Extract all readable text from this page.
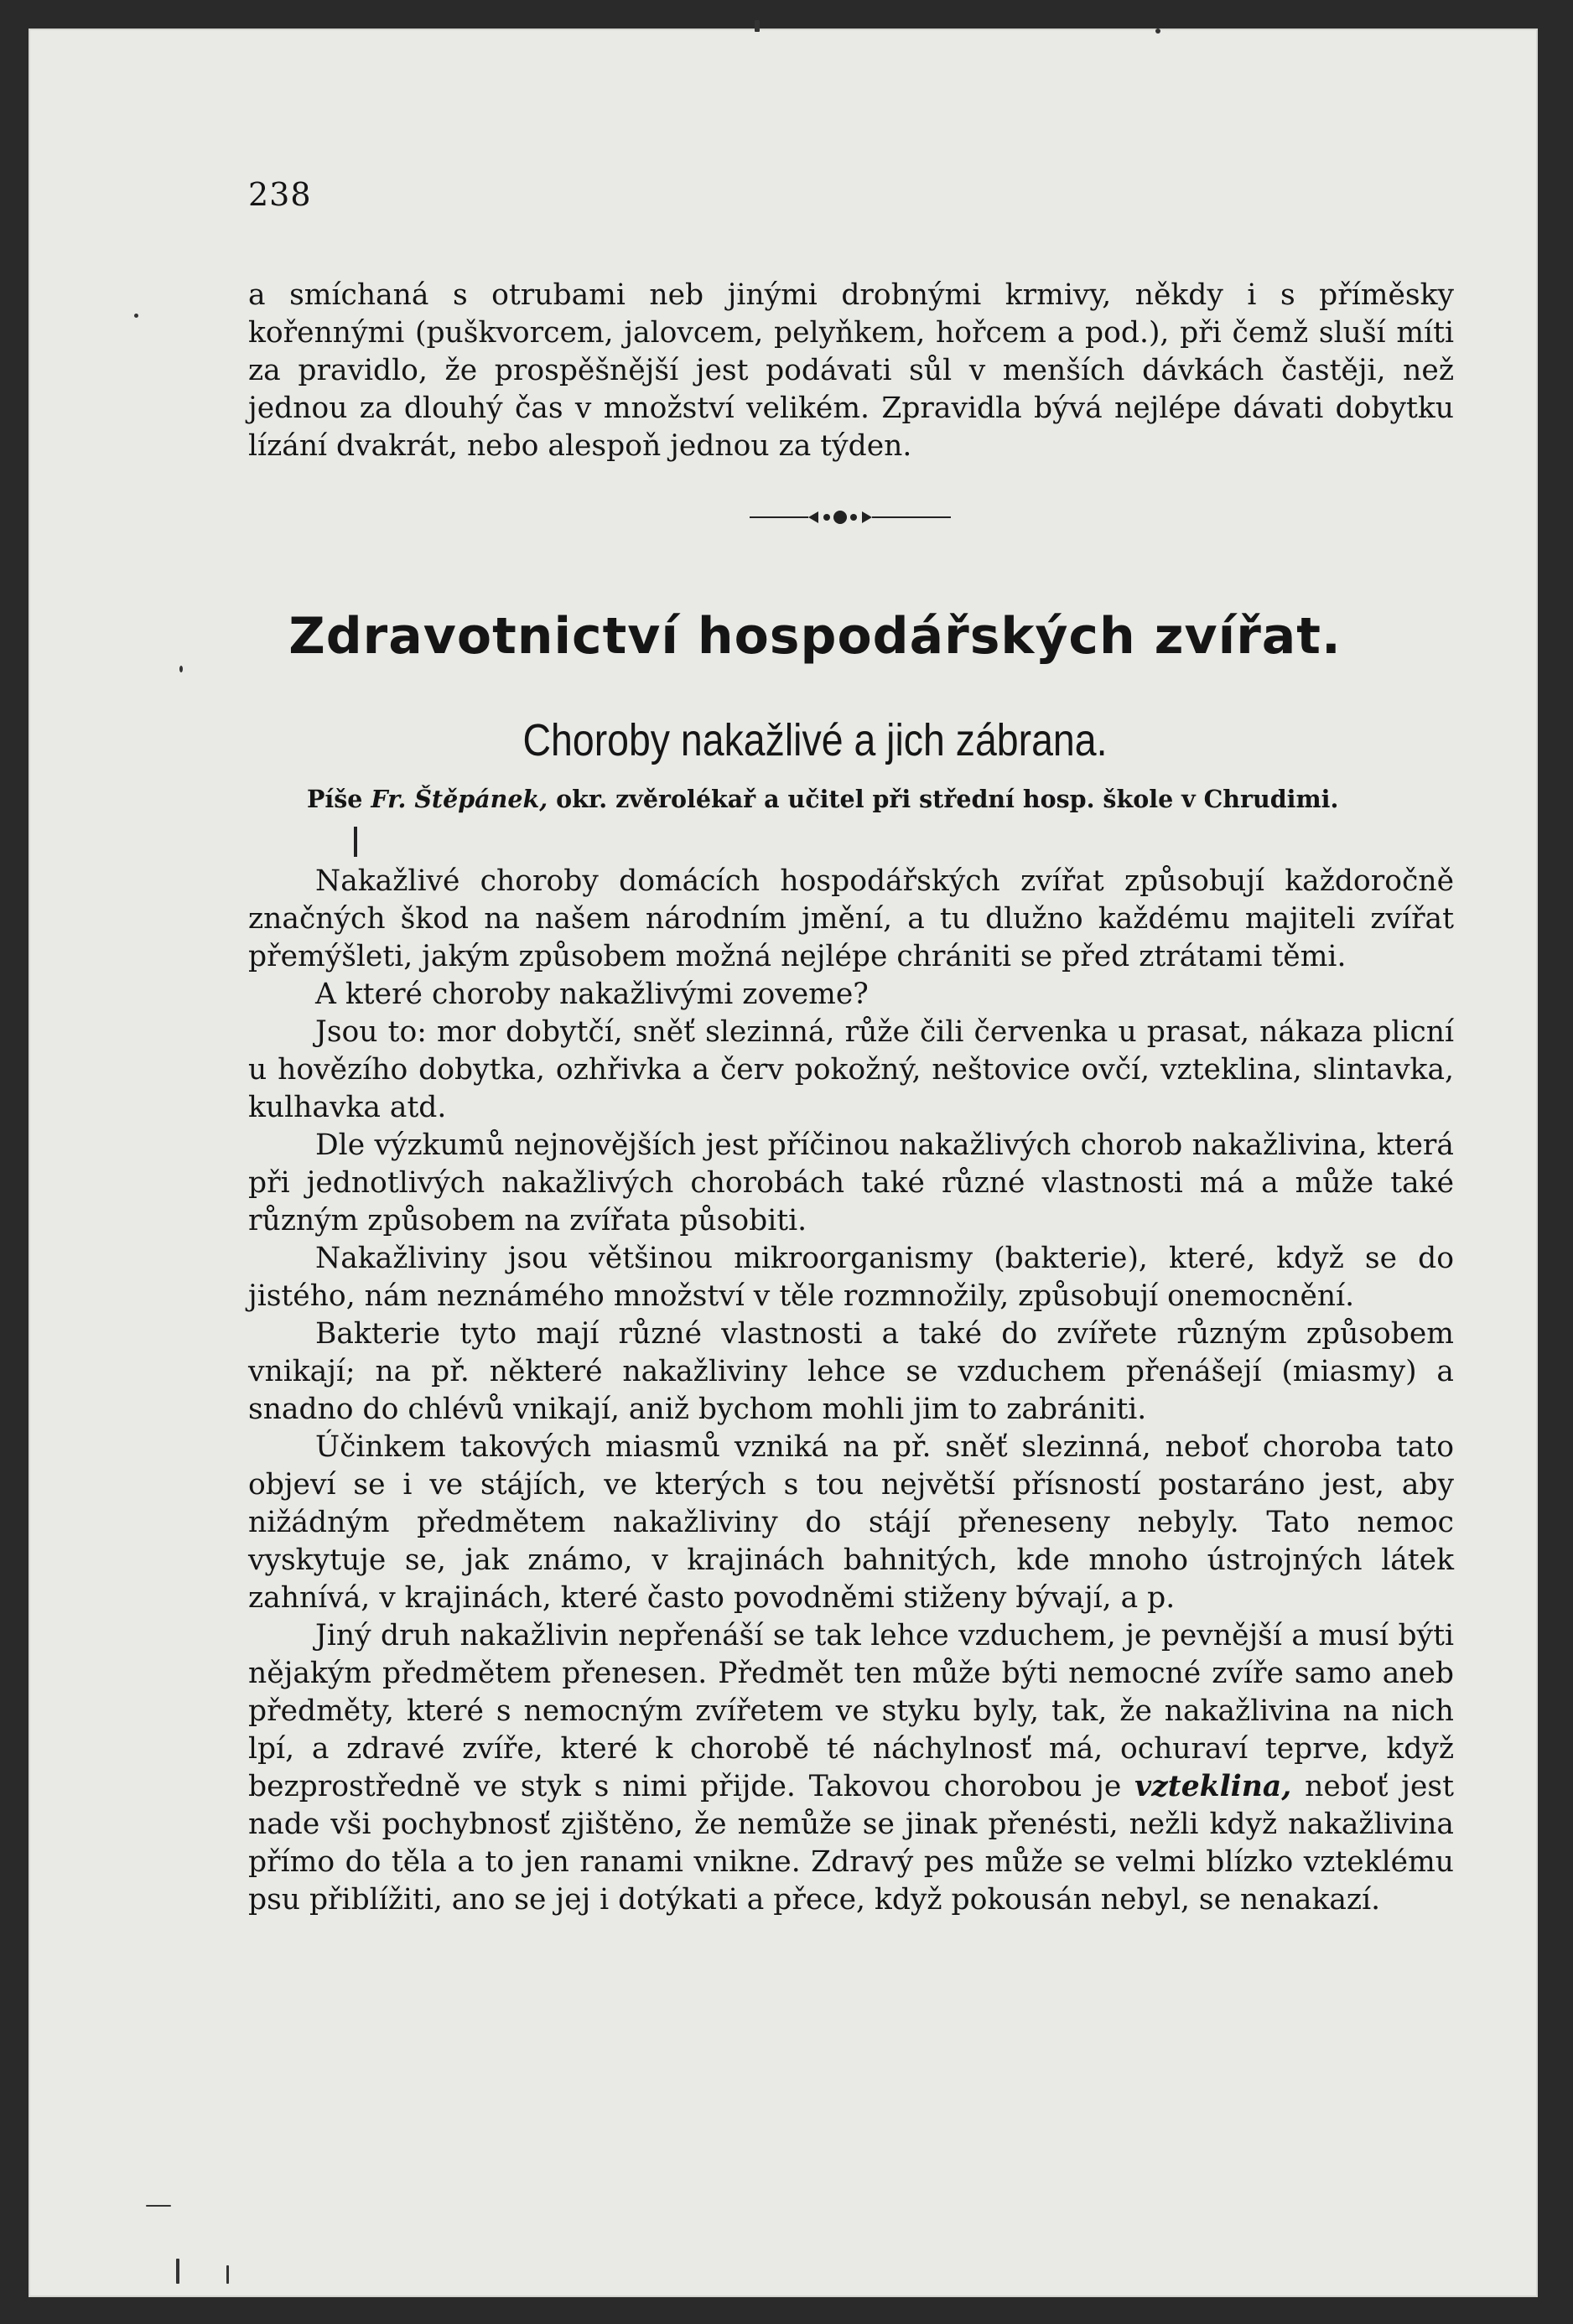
238

a smíchaná s otrubami neb jinými drobnými krmivy, někdy i s příměsky kořennými (puškvorcem, jalovcem, pelyňkem, hořcem a pod.), při čemž sluší míti za pravidlo, že prospěšnější jest podávati sůl v menších dávkách častěji, než jednou za dlouhý čas v množství velikém. Zpravidla bývá nejlépe dávati dobytku lízání dvakrát, nebo alespoň jednou za týden.

Zdravotnictví hospodářských zvířat.
Choroby nakažlivé a jich zábrana.
Píše Fr. Štěpánek, okr. zvěrolékař a učitel při střední hosp. škole v Chrudimi.

Nakažlivé choroby domácích hospodářských zvířat způsobují každoročně značných škod na našem národním jmění, a tu dlužno každému majiteli zvířat přemýšleti, jakým způsobem možná nejlépe chrániti se před ztrátami těmi.

A které choroby nakažlivými zoveme?

Jsou to: mor dobytčí, sněť slezinná, růže čili červenka u prasat, nákaza plicní u hovězího dobytka, ozhřivka a červ pokožný, neštovice ovčí, vzteklina, slintavka, kulhavka atd.

Dle výzkumů nejnovějších jest příčinou nakažlivých chorob nakažlivina, která při jednotlivých nakažlivých chorobách také různé vlastnosti má a může také různým způsobem na zvířata působiti.

Nakažliviny jsou většinou mikroorganismy (bakterie), které, když se do jistého, nám neznámého množství v těle rozmnožily, způsobují onemocnění.

Bakterie tyto mají různé vlastnosti a také do zvířete různým způsobem vnikají; na př. některé nakažliviny lehce se vzduchem přenášejí (miasmy) a snadno do chlévů vnikají, aniž bychom mohli jim to zabrániti.

Účinkem takových miasmů vzniká na př. sněť slezinná, neboť choroba tato objeví se i ve stájích, ve kterých s tou největší přísností postaráno jest, aby nižádným předmětem nakažliviny do stájí přeneseny nebyly. Tato nemoc vyskytuje se, jak známo, v krajinách bahnitých, kde mnoho ústrojných látek zahnívá, v krajinách, které často povodněmi stiženy bývají, a p.

Jiný druh nakažlivin nepřenáší se tak lehce vzduchem, je pevnější a musí býti nějakým předmětem přenesen. Předmět ten může býti nemocné zvíře samo aneb předměty, které s nemocným zvířetem ve styku byly, tak, že nakažlivina na nich lpí, a zdravé zvíře, které k chorobě té náchylnosť má, ochuraví teprve, když bezprostředně ve styk s nimi přijde. Takovou chorobou je vzteklina, neboť jest nade vši pochybnosť zjištěno, že nemůže se jinak přenésti, nežli když nakažlivina přímo do těla a to jen ranami vnikne. Zdravý pes může se velmi blízko vzteklému psu přiblížiti, ano se jej i dotýkati a přece, když pokousán nebyl, se nenakazí.
